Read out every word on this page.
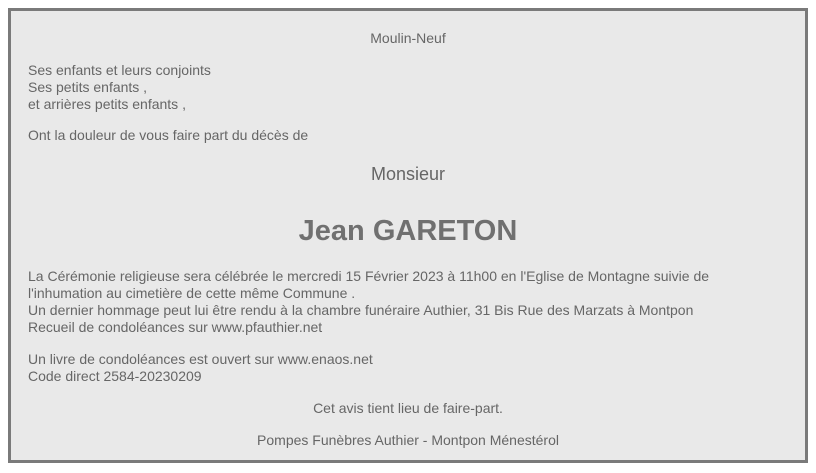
Moulin-Neuf
Ses enfants et leurs conjoints
Ses petits enfants ,
et arrières petits enfants ,
Ont la douleur de vous faire part du décès de
Monsieur
Jean GARETON
La Cérémonie religieuse sera célébrée le mercredi 15 Février 2023 à 11h00 en l'Eglise de Montagne suivie de
l'inhumation au cimetière de cette même Commune .
Un dernier hommage peut lui être rendu à la chambre funéraire Authier, 31 Bis Rue des Marzats à Montpon
Recueil de condoléances sur www.pfauthier.net
Un livre de condoléances est ouvert sur www.enaos.net
Code direct 2584-20230209
Cet avis tient lieu de faire-part.
Pompes Funèbres Authier - Montpon Ménestérol
